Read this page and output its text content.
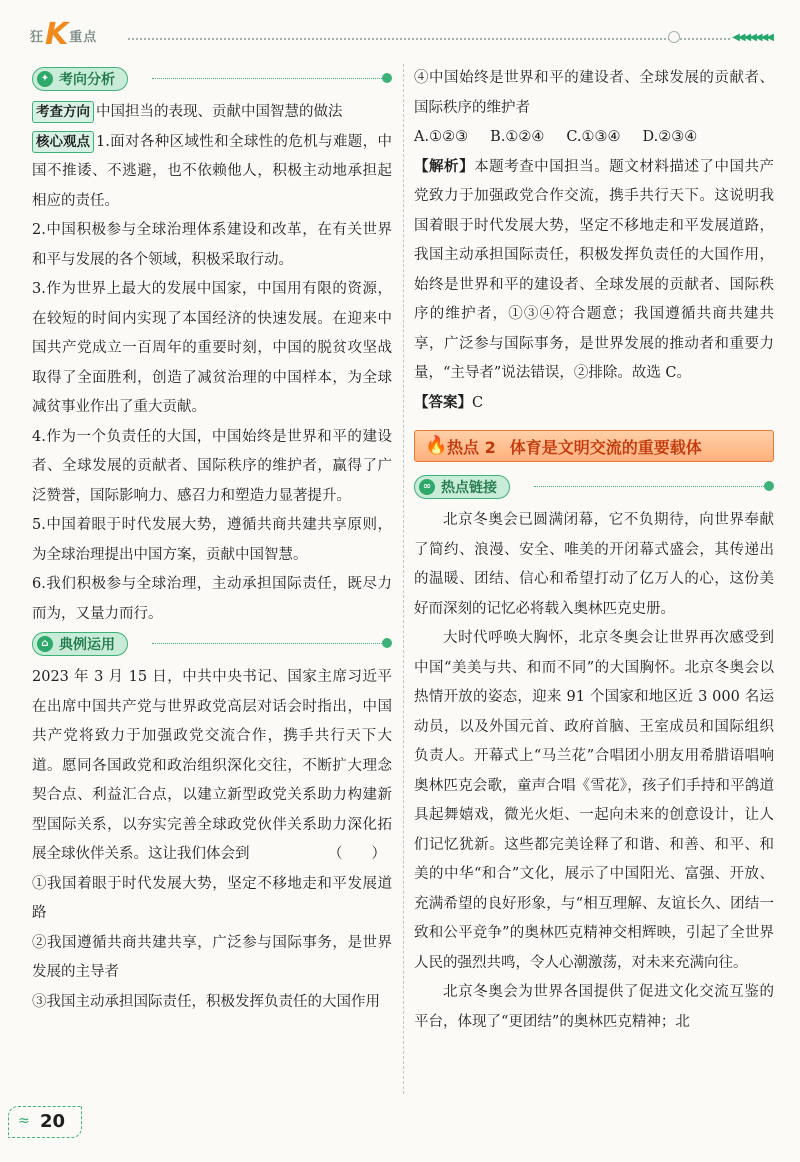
狂 K 重点	◀◀◀◀◀◀◀
✦ 考向分析

考查方向 中国担当的表现、贡献中国智慧的做法

核心观点 1.面对各种区域性和全球性的危机与难题，中国不推诿、不逃避，也不依赖他人，积极主动地承担起相应的责任。

2.中国积极参与全球治理体系建设和改革，在有关世界和平与发展的各个领域，积极采取行动。

3.作为世界上最大的发展中国家，中国用有限的资源，在较短的时间内实现了本国经济的快速发展。在迎来中国共产党成立一百周年的重要时刻，中国的脱贫攻坚战取得了全面胜利，创造了减贫治理的中国样本，为全球减贫事业作出了重大贡献。

4.作为一个负责任的大国，中国始终是世界和平的建设者、全球发展的贡献者、国际秩序的维护者，赢得了广泛赞誉，国际影响力、感召力和塑造力显著提升。

5.中国着眼于时代发展大势，遵循共商共建共享原则，为全球治理提出中国方案，贡献中国智慧。

6.我们积极参与全球治理，主动承担国际责任，既尽力而为，又量力而行。

⌂ 典例运用

2023 年 3 月 15 日，中共中央书记、国家主席习近平在出席中国共产党与世界政党高层对话会时指出，中国共产党将致力于加强政党交流合作，携手共行天下大道。愿同各国政党和政治组织深化交往，不断扩大理念契合点、利益汇合点，以建立新型政党关系助力构建新型国际关系，以夯实完善全球政党伙伴关系助力深化拓展全球伙伴关系。这让我们体会到	（　　）

①我国着眼于时代发展大势，坚定不移地走和平发展道路

②我国遵循共商共建共享，广泛参与国际事务，是世界发展的主导者

③我国主动承担国际责任，积极发挥负责任的大国作用

④中国始终是世界和平的建设者、全球发展的贡献者、国际秩序的维护者

A.①②③ B.①②④ C.①③④ D.②③④

【解析】本题考查中国担当。题文材料描述了中国共产党致力于加强政党合作交流，携手共行天下。这说明我国着眼于时代发展大势，坚定不移地走和平发展道路，我国主动承担国际责任，积极发挥负责任的大国作用，始终是世界和平的建设者、全球发展的贡献者、国际秩序的维护者，①③④符合题意；我国遵循共商共建共享，广泛参与国际事务，是世界发展的推动者和重要力量，“主导者”说法错误，②排除。故选 C。

【答案】C

🔥 热点 2 体育是文明交流的重要载体
∞ 热点链接

北京冬奥会已圆满闭幕，它不负期待，向世界奉献了简约、浪漫、安全、唯美的开闭幕式盛会，其传递出的温暖、团结、信心和希望打动了亿万人的心，这份美好而深刻的记忆必将载入奥林匹克史册。

大时代呼唤大胸怀，北京冬奥会让世界再次感受到中国“美美与共、和而不同”的大国胸怀。北京冬奥会以热情开放的姿态，迎来 91 个国家和地区近 3 000 名运动员，以及外国元首、政府首脑、王室成员和国际组织负责人。开幕式上“马兰花”合唱团小朋友用希腊语唱响奥林匹克会歌，童声合唱《雪花》，孩子们手持和平鸽道具起舞嬉戏，微光火炬、一起向未来的创意设计，让人们记忆犹新。这些都完美诠释了和谐、和善、和平、和美的中华“和合”文化，展示了中国阳光、富强、开放、充满希望的良好形象，与“相互理解、友谊长久、团结一致和公平竞争”的奥林匹克精神交相辉映，引起了全世界人民的强烈共鸣，令人心潮激荡，对未来充满向往。

北京冬奥会为世界各国提供了促进文化交流互鉴的平台，体现了“更团结”的奥林匹克精神；北

≈ 20
